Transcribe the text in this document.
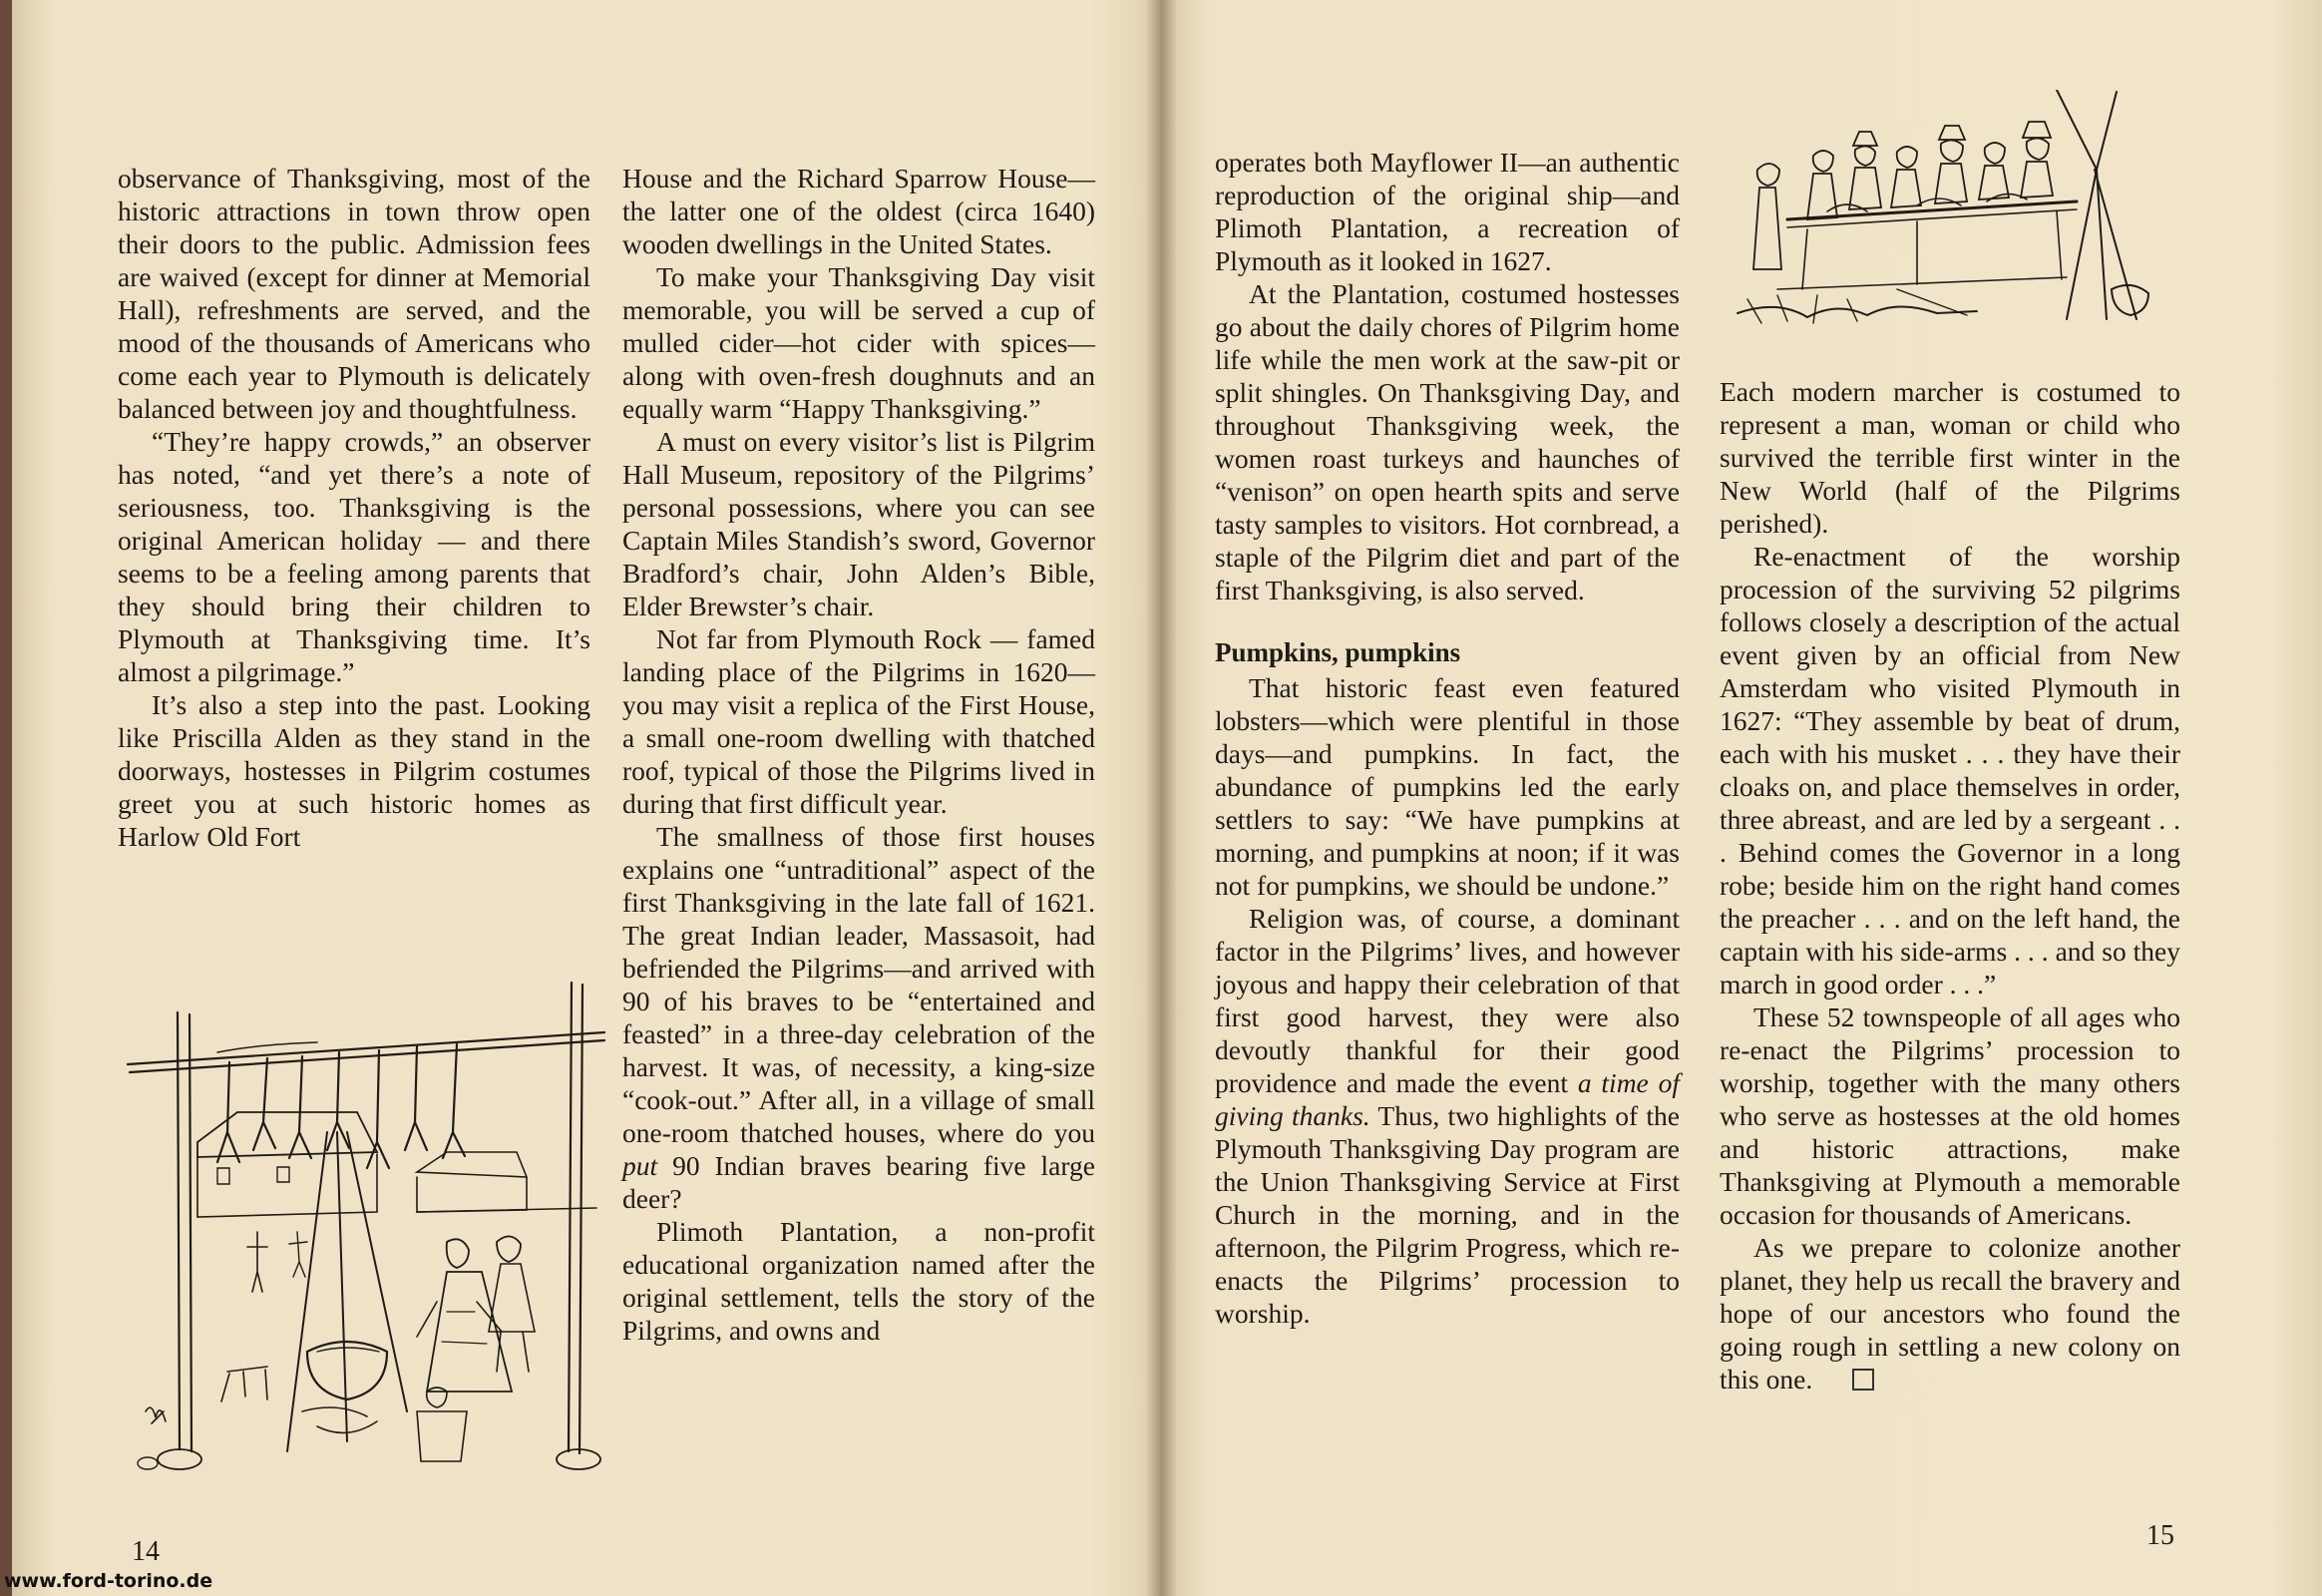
observance of Thanksgiving, most of the historic attractions in town throw open their doors to the public. Admission fees are waived (except for dinner at Memorial Hall), refreshments are served, and the mood of the thousands of Americans who come each year to Plymouth is delicately balanced between joy and thoughtfulness.

“They’re happy crowds,” an observer has noted, “and yet there’s a note of seriousness, too. Thanksgiving is the original American holiday — and there seems to be a feeling among parents that they should bring their children to Plymouth at Thanksgiving time. It’s almost a pilgrimage.”

It’s also a step into the past. Looking like Priscilla Alden as they stand in the doorways, hostesses in Pilgrim costumes greet you at such historic homes as Harlow Old Fort

House and the Richard Sparrow House—the latter one of the oldest (circa 1640) wooden dwellings in the United States.

To make your Thanksgiving Day visit memorable, you will be served a cup of mulled cider—hot cider with spices—along with oven-fresh doughnuts and an equally warm “Happy Thanksgiving.”

A must on every visitor’s list is Pilgrim Hall Museum, repository of the Pilgrims’ personal possessions, where you can see Captain Miles Standish’s sword, Governor Bradford’s chair, John Alden’s Bible, Elder Brewster’s chair.

Not far from Plymouth Rock — famed landing place of the Pilgrims in 1620—you may visit a replica of the First House, a small one-room dwelling with thatched roof, typical of those the Pilgrims lived in during that first difficult year.

The smallness of those first houses explains one “untraditional” aspect of the first Thanksgiving in the late fall of 1621. The great Indian leader, Massasoit, had befriended the Pilgrims—and arrived with 90 of his braves to be “entertained and feasted” in a three-day celebration of the harvest. It was, of necessity, a king-size “cook-out.” After all, in a village of small one-room thatched houses, where do you put 90 Indian braves bearing five large deer?

Plimoth Plantation, a non-profit educational organization named after the original settlement, tells the story of the Pilgrims, and owns and

operates both Mayflower II—an authentic reproduction of the original ship—and Plimoth Plantation, a recreation of Plymouth as it looked in 1627.

At the Plantation, costumed hostesses go about the daily chores of Pilgrim home life while the men work at the saw-pit or split shingles. On Thanksgiving Day, and throughout Thanksgiving week, the women roast turkeys and haunches of “venison” on open hearth spits and serve tasty samples to visitors. Hot cornbread, a staple of the Pilgrim diet and part of the first Thanksgiving, is also served.

Pumpkins, pumpkins

That historic feast even featured lobsters—which were plentiful in those days—and pumpkins. In fact, the abundance of pumpkins led the early settlers to say: “We have pumpkins at morning, and pumpkins at noon; if it was not for pumpkins, we should be undone.”

Religion was, of course, a dominant factor in the Pilgrims’ lives, and however joyous and happy their celebration of that first good harvest, they were also devoutly thankful for their good providence and made the event a time of giving thanks. Thus, two highlights of the Plymouth Thanksgiving Day program are the Union Thanksgiving Service at First Church in the morning, and in the afternoon, the Pilgrim Progress, which re-enacts the Pilgrims’ procession to worship.

Each modern marcher is costumed to represent a man, woman or child who survived the terrible first winter in the New World (half of the Pilgrims perished).

Re-enactment of the worship procession of the surviving 52 pilgrims follows closely a description of the actual event given by an official from New Amsterdam who visited Plymouth in 1627: “They assemble by beat of drum, each with his musket . . . they have their cloaks on, and place themselves in order, three abreast, and are led by a sergeant . . . Behind comes the Governor in a long robe; beside him on the right hand comes the preacher . . . and on the left hand, the captain with his side-arms . . . and so they march in good order . . .”

These 52 townspeople of all ages who re-enact the Pilgrims’ procession to worship, together with the many others who serve as hostesses at the old homes and historic attractions, make Thanksgiving at Plymouth a memorable occasion for thousands of Americans.

As we prepare to colonize another planet, they help us recall the bravery and hope of our ancestors who found the going rough in settling a new colony on this one.

14
15
www.ford-torino.de
